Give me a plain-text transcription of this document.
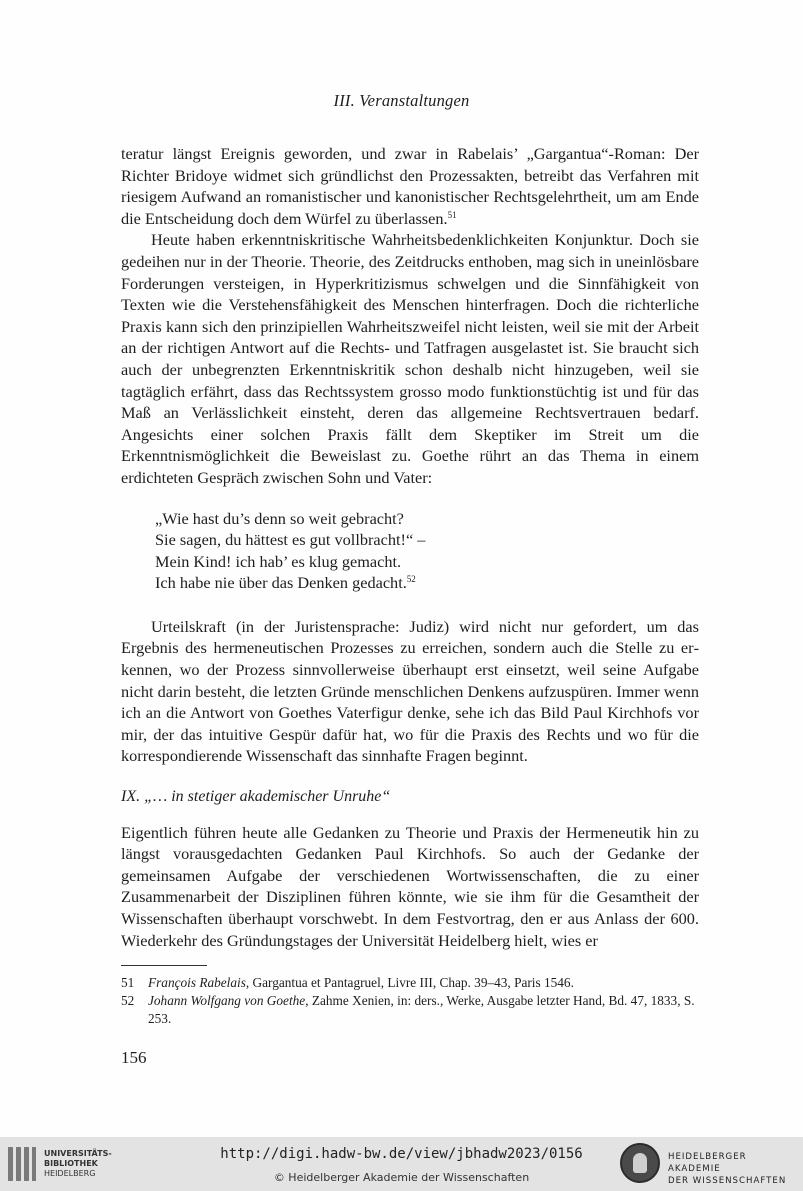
III. Veranstaltungen

teratur längst Ereignis geworden, und zwar in Rabelais’ „Gargantua“-Roman: Der Richter Bridoye widmet sich gründlichst den Prozessakten, betreibt das Verfahren mit riesigem Aufwand an romanistischer und kanonistischer Rechtsgelehrtheit, um am Ende die Entscheidung doch dem Würfel zu überlassen.$^{51}$

Heute haben erkenntniskritische Wahrheitsbedenklichkeiten Konjunktur. Doch sie gedeihen nur in der Theorie. Theorie, des Zeitdrucks enthoben, mag sich in uneinlösbare Forderungen versteigen, in Hyperkritizismus schwelgen und die Sinnfähigkeit von Texten wie die Verstehensfähigkeit des Menschen hinterfragen. Doch die richterliche Praxis kann sich den prinzipiellen Wahrheitszweifel nicht leisten, weil sie mit der Arbeit an der richtigen Antwort auf die Rechts- und Tatfragen ausgelastet ist. Sie braucht sich auch der unbegrenzten Erkenntniskritik schon deshalb nicht hinzugeben, weil sie tagtäglich erfährt, dass das Rechtssystem grosso modo funktionstüchtig ist und für das Maß an Verlässlichkeit einsteht, deren das allgemeine Rechtsvertrauen bedarf. Angesichts einer solchen Praxis fällt dem Skeptiker im Streit um die Erkenntnismöglichkeit die Beweislast zu. Goethe rührt an das Thema in einem erdichteten Gespräch zwischen Sohn und Vater:

„Wie hast du’s denn so weit gebracht?
Sie sagen, du hättest es gut vollbracht!“ –
Mein Kind! ich hab’ es klug gemacht.
Ich habe nie über das Denken gedacht.$^{52}$

Urteilskraft (in der Juristensprache: Judiz) wird nicht nur gefordert, um das Ergebnis des hermeneutischen Prozesses zu erreichen, sondern auch die Stelle zu erkennen, wo der Prozess sinnvollerweise überhaupt erst einsetzt, weil seine Aufgabe nicht darin besteht, die letzten Gründe menschlichen Denkens aufzuspüren. Immer wenn ich an die Antwort von Goethes Vaterfigur denke, sehe ich das Bild Paul Kirchhofs vor mir, der das intuitive Gespür dafür hat, wo für die Praxis des Rechts und wo für die korrespondierende Wissenschaft das sinnhafte Fragen beginnt.

IX. „… in stetiger akademischer Unruhe“

Eigentlich führen heute alle Gedanken zu Theorie und Praxis der Hermeneutik hin zu längst vorausgedachten Gedanken Paul Kirchhofs. So auch der Gedanke der gemeinsamen Aufgabe der verschiedenen Wortwissenschaften, die zu einer Zusammenarbeit der Disziplinen führen könnte, wie sie ihm für die Gesamtheit der Wissenschaften überhaupt vorschwebt. In dem Festvortrag, den er aus Anlass der 600. Wiederkehr des Gründungstages der Universität Heidelberg hielt, wies er

51	François Rabelais, Gargantua et Pantagruel, Livre III, Chap. 39–43, Paris 1546.
52	Johann Wolfgang von Goethe, Zahme Xenien, in: ders., Werke, Ausgabe letzter Hand, Bd. 47, 1833, S. 253.
156
UNIVERSITÄTS-
BIBLIOTHEK
HEIDELBERG
http://digi.hadw-bw.de/view/jbhadw2023/0156
© Heidelberger Akademie der Wissenschaften
HEIDELBERGER AKADEMIE
DER WISSENSCHAFTEN
